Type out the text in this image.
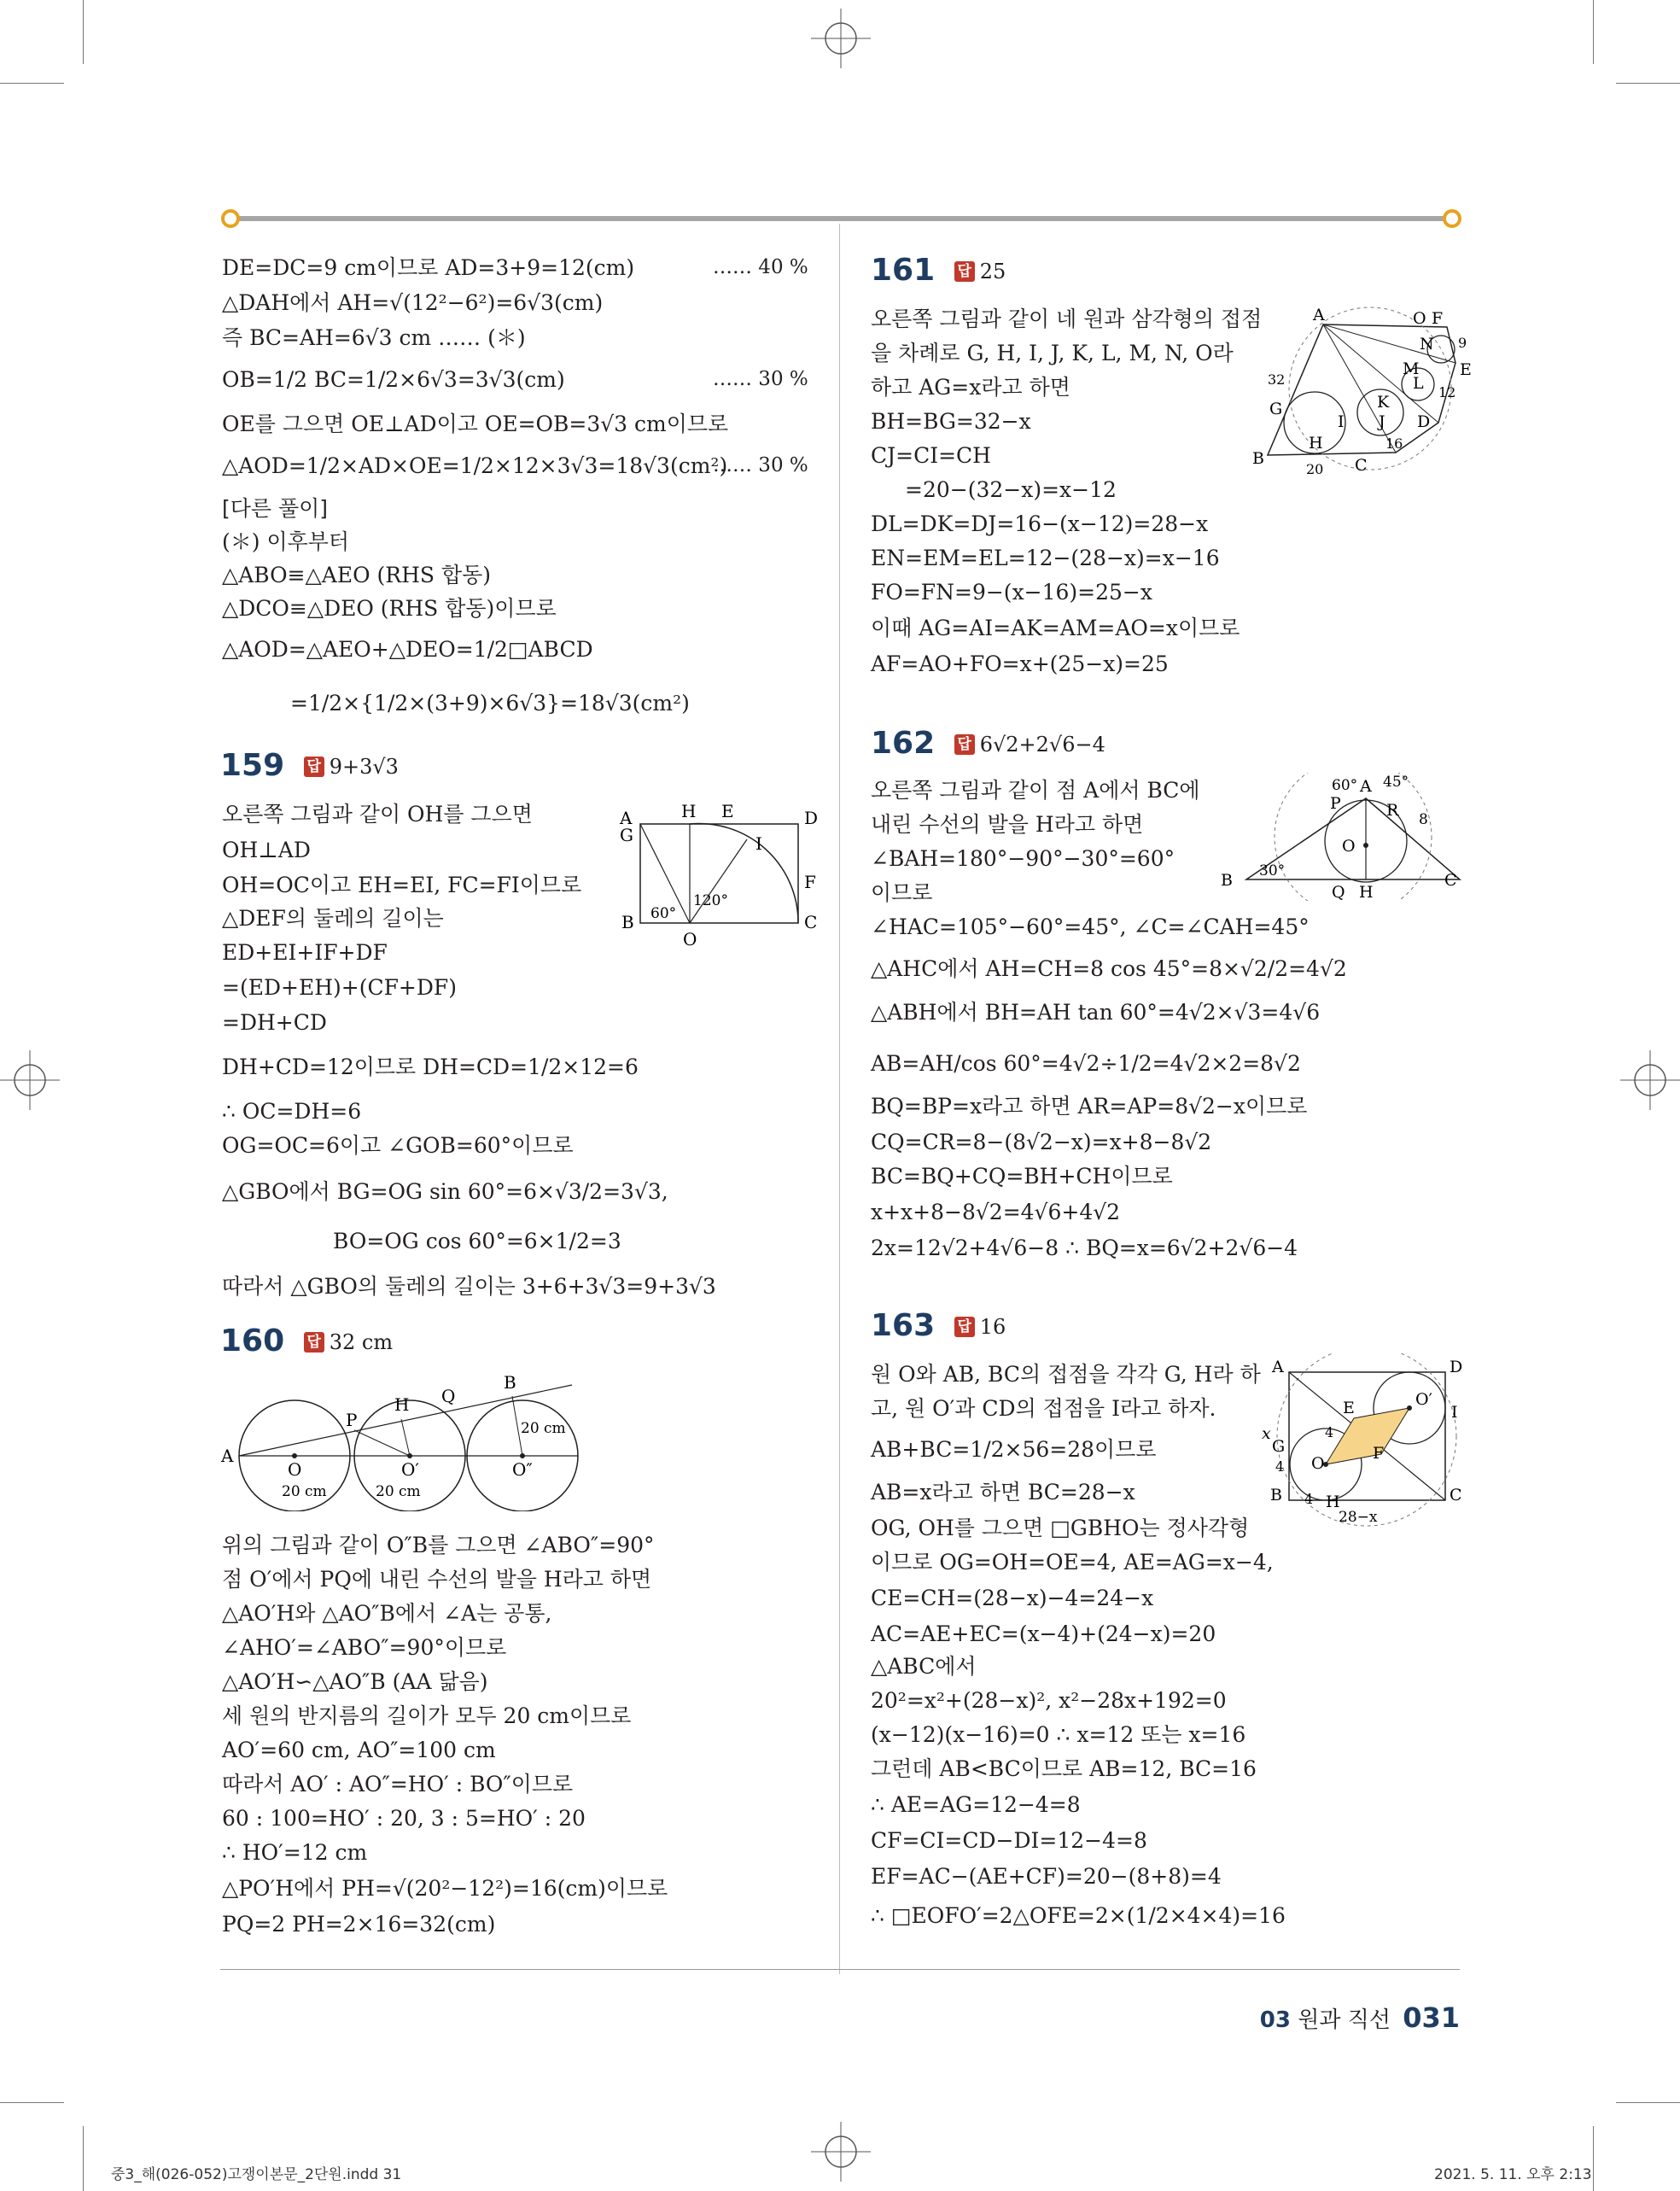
DE=DC=9 cm이므로 AD=3+9=12(cm)	…… 40 %
△DAH에서 AH=√(12²−6²)=6√3(cm)
즉 BC=AH=6√3 cm …… (＊)
OB=1/2 BC=1/2×6√3=3√3(cm)	…… 30 %
OE를 그으면 OE⊥AD이고 OE=OB=3√3 cm이므로
△AOD=1/2×AD×OE=1/2×12×3√3=18√3(cm²)
…… 30 %
[다른 풀이]
(＊) 이후부터
△ABO≡△AEO (RHS 합동)
△DCO≡△DEO (RHS 합동)이므로
△AOD=△AEO+△DEO=1/2□ABCD
=1/2×{1/2×(3+9)×6√3}=18√3(cm²)
159 답 9+3√3
오른쪽 그림과 같이 OH를 그으면
OH⊥AD
OH=OC이고 EH=EI, FC=FI이므로
△DEF의 둘레의 길이는
ED+EI+IF+DF
=(ED+EH)+(CF+DF)
=DH+CD
DH+CD=12이므로 DH=CD=1/2×12=6
∴ OC=DH=6
OG=OC=6이고 ∠GOB=60°이므로
△GBO에서 BG=OG sin 60°=6×√3/2=3√3,
BO=OG cos 60°=6×1/2=3
따라서 △GBO의 둘레의 길이는 3+6+3√3=9+3√3
A	H E	D
G	I
F
B
O
C
60°
120°
160 답 32 cm
A
P
H Q
B
O	O′	O″
20 cm	20 cm
20 cm
위의 그림과 같이 O″B를 그으면 ∠ABO″=90°
점 O′에서 PQ에 내린 수선의 발을 H라고 하면
△AO′H와 △AO″B에서 ∠A는 공통,
∠AHO′=∠ABO″=90°이므로
△AO′H∽△AO″B (AA 닮음)
세 원의 반지름의 길이가 모두 20 cm이므로
AO′=60 cm, AO″=100 cm
따라서 AO′ : AO″=HO′ : BO″이므로
60 : 100=HO′ : 20, 3 : 5=HO′ : 20
∴ HO′=12 cm
△PO′H에서 PH=√(20²−12²)=16(cm)이므로
PQ=2 PH=2×16=32(cm)
161 답 25
오른쪽 그림과 같이 네 원과 삼각형의 접점
을 차례로 G, H, I, J, K, L, M, N, O라
하고 AG=x라고 하면
BH=BG=32−x
CJ=CI=CH
=20−(32−x)=x−12
DL=DK=DJ=16−(x−12)=28−x
EN=EM=EL=12−(28−x)=x−16
FO=FN=9−(x−16)=25−x
이때 AG=AI=AK=AM=AO=x이므로
AF=AO+FO=x+(25−x)=25
A	O F
N 9
M	E
L 12
K
32
G
I J D
16
H
B
20 C
162 답 6√2+2√6−4
오른쪽 그림과 같이 점 A에서 BC에
내린 수선의 발을 H라고 하면
∠BAH=180°−90°−30°=60°
이므로
∠HAC=105°−60°=45°, ∠C=∠CAH=45°
△AHC에서 AH=CH=8 cos 45°=8×√2/2=4√2
△ABH에서 BH=AH tan 60°=4√2×√3=4√6
AB=AH/cos 60°=4√2÷1/2=4√2×2=8√2
BQ=BP=x라고 하면 AR=AP=8√2−x이므로
CQ=CR=8−(8√2−x)=x+8−8√2
BC=BQ+CQ=BH+CH이므로
x+x+8−8√2=4√6+4√2
2x=12√2+4√6−8 ∴ BQ=x=6√2+2√6−4
60° A 45°
P	R 8
O
B 30°
Q H
C
163 답 16
원 O와 AB, BC의 접점을 각각 G, H라 하
고, 원 O′과 CD의 접점을 I라고 하자.
AB+BC=1/2×56=28이므로
AB=x라고 하면 BC=28−x
OG, OH를 그으면 □GBHO는 정사각형
이므로 OG=OH=OE=4, AE=AG=x−4,
CE=CH=(28−x)−4=24−x
AC=AE+EC=(x−4)+(24−x)=20
△ABC에서
20²=x²+(28−x)², x²−28x+192=0
(x−12)(x−16)=0 ∴ x=12 또는 x=16
그런데 AB<BC이므로 AB=12, BC=16
∴ AE=AG=12−4=8
CF=CI=CD−DI=12−4=8
EF=AC−(AE+CF)=20−(8+8)=4
∴ □EOFO′=2△OFE=2×(1/2×4×4)=16
A	D
E	O′
I
x	4
G
4 O
F
B 4 H	C
28−x
03 원과 직선 031
중3_해(026-052)고쟁이본문_2단원.indd 31	2021. 5. 11. 오후 2:13
